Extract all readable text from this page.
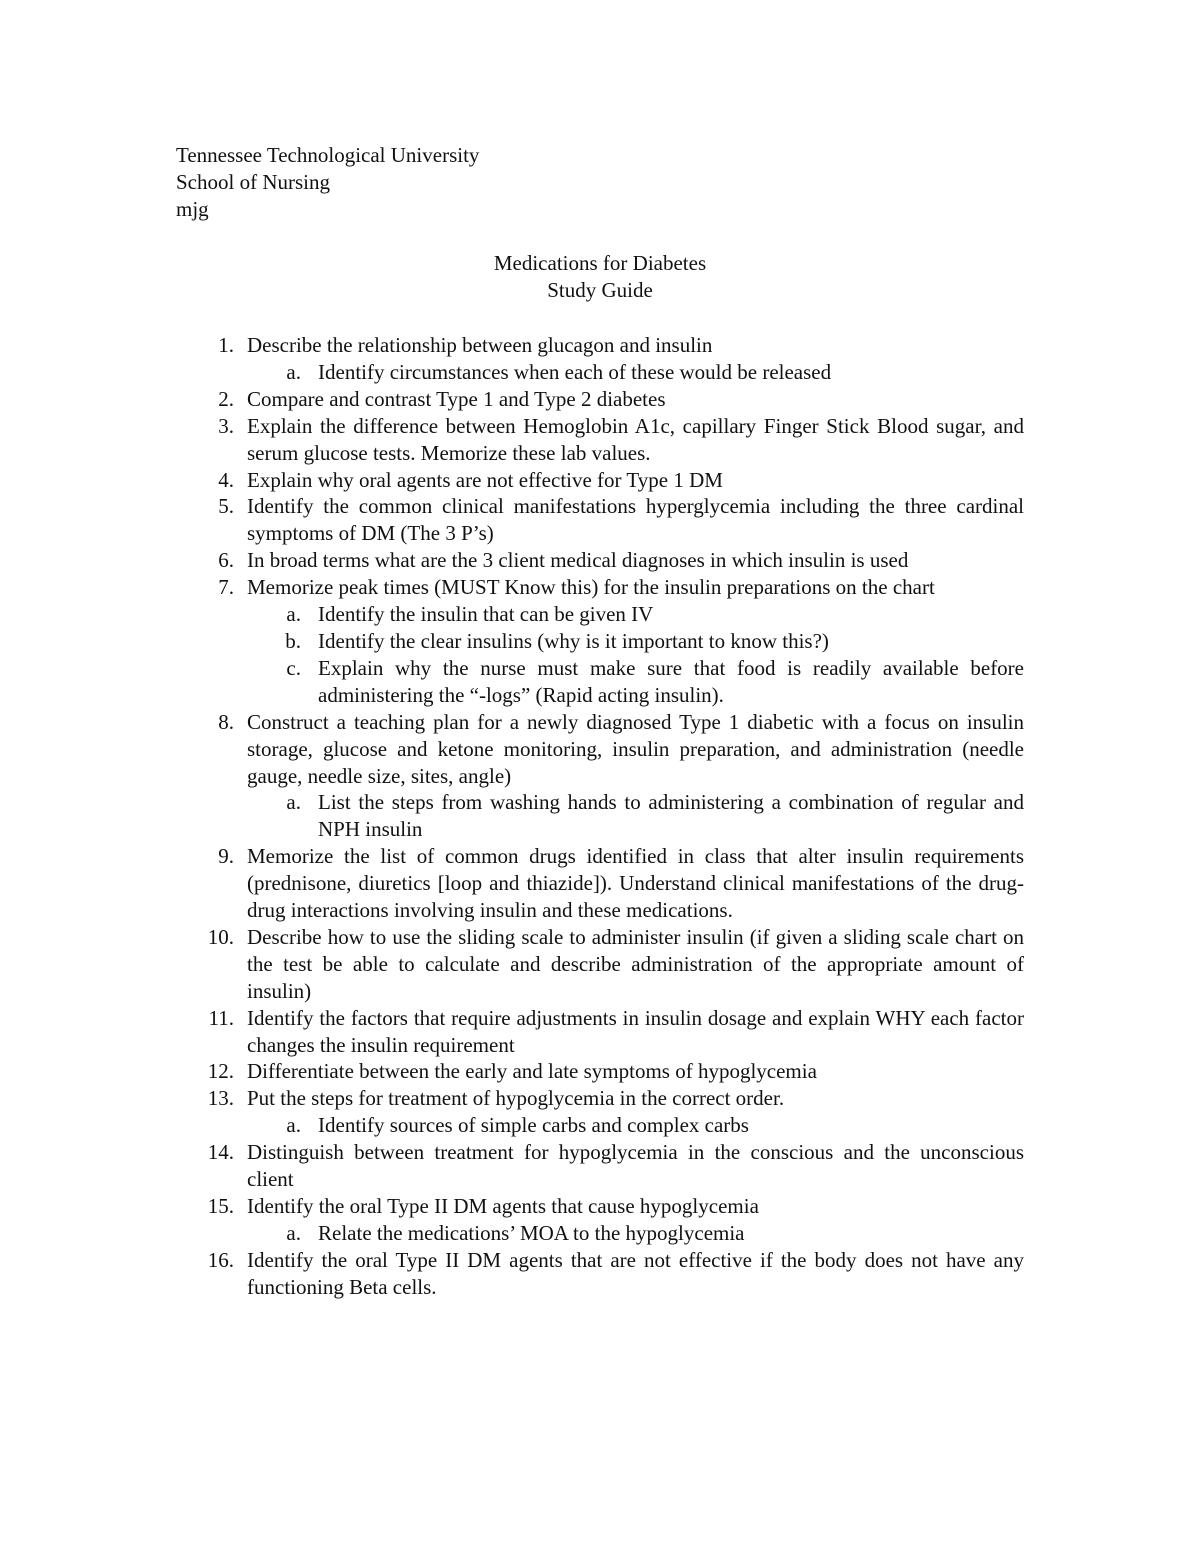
Tennessee Technological University
School of Nursing
mjg
Medications for Diabetes
Study Guide
1. Describe the relationship between glucagon and insulin
a. Identify circumstances when each of these would be released
2. Compare and contrast Type 1 and Type 2 diabetes
3. Explain the difference between Hemoglobin A1c, capillary Finger Stick Blood sugar, and serum glucose tests. Memorize these lab values.
4. Explain why oral agents are not effective for Type 1 DM
5. Identify the common clinical manifestations hyperglycemia including the three cardinal symptoms of DM (The 3 P’s)
6. In broad terms what are the 3 client medical diagnoses in which insulin is used
7. Memorize peak times (MUST Know this) for the insulin preparations on the chart
a. Identify the insulin that can be given IV
b. Identify the clear insulins (why is it important to know this?)
c. Explain why the nurse must make sure that food is readily available before administering the “-logs” (Rapid acting insulin).
8. Construct a teaching plan for a newly diagnosed Type 1 diabetic with a focus on insulin storage, glucose and ketone monitoring, insulin preparation, and administration (needle gauge, needle size, sites, angle)
a. List the steps from washing hands to administering a combination of regular and NPH insulin
9. Memorize the list of common drugs identified in class that alter insulin requirements (prednisone, diuretics [loop and thiazide]). Understand clinical manifestations of the drug-drug interactions involving insulin and these medications.
10. Describe how to use the sliding scale to administer insulin (if given a sliding scale chart on the test be able to calculate and describe administration of the appropriate amount of insulin)
11. Identify the factors that require adjustments in insulin dosage and explain WHY each factor changes the insulin requirement
12. Differentiate between the early and late symptoms of hypoglycemia
13. Put the steps for treatment of hypoglycemia in the correct order.
a. Identify sources of simple carbs and complex carbs
14. Distinguish between treatment for hypoglycemia in the conscious and the unconscious client
15. Identify the oral Type II DM agents that cause hypoglycemia
a. Relate the medications’ MOA to the hypoglycemia
16. Identify the oral Type II DM agents that are not effective if the body does not have any functioning Beta cells.
